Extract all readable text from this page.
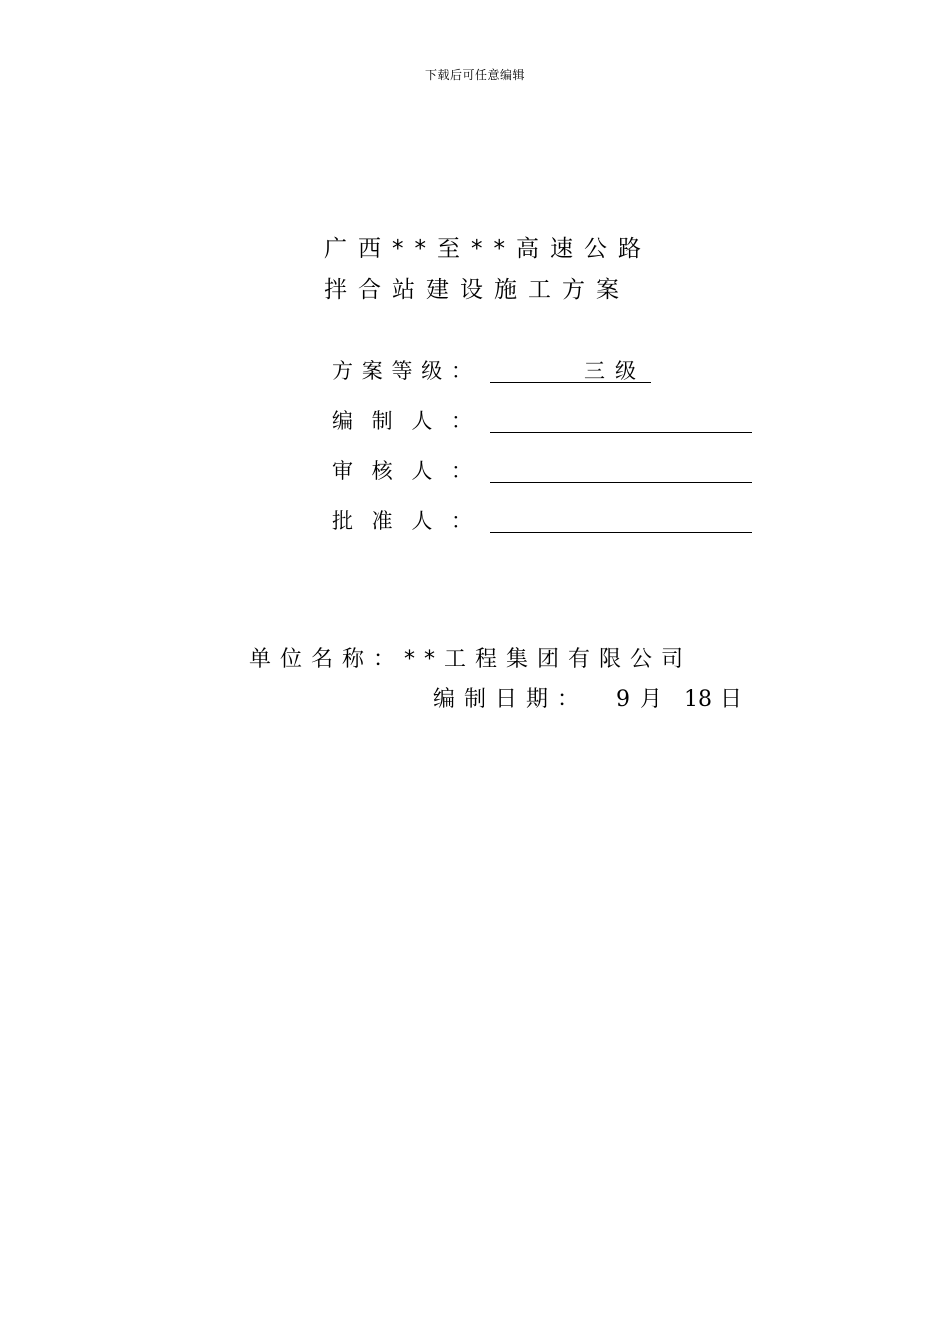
下载后可任意编辑
广西**至**高速公路
拌合站建设施工方案
方 案 等 级 ：	三级
编 制 人 ：
审 核 人 ：
批 准 人 ：
单位名称：**工程集团有限公司
编制日期： 9 月 18 日
